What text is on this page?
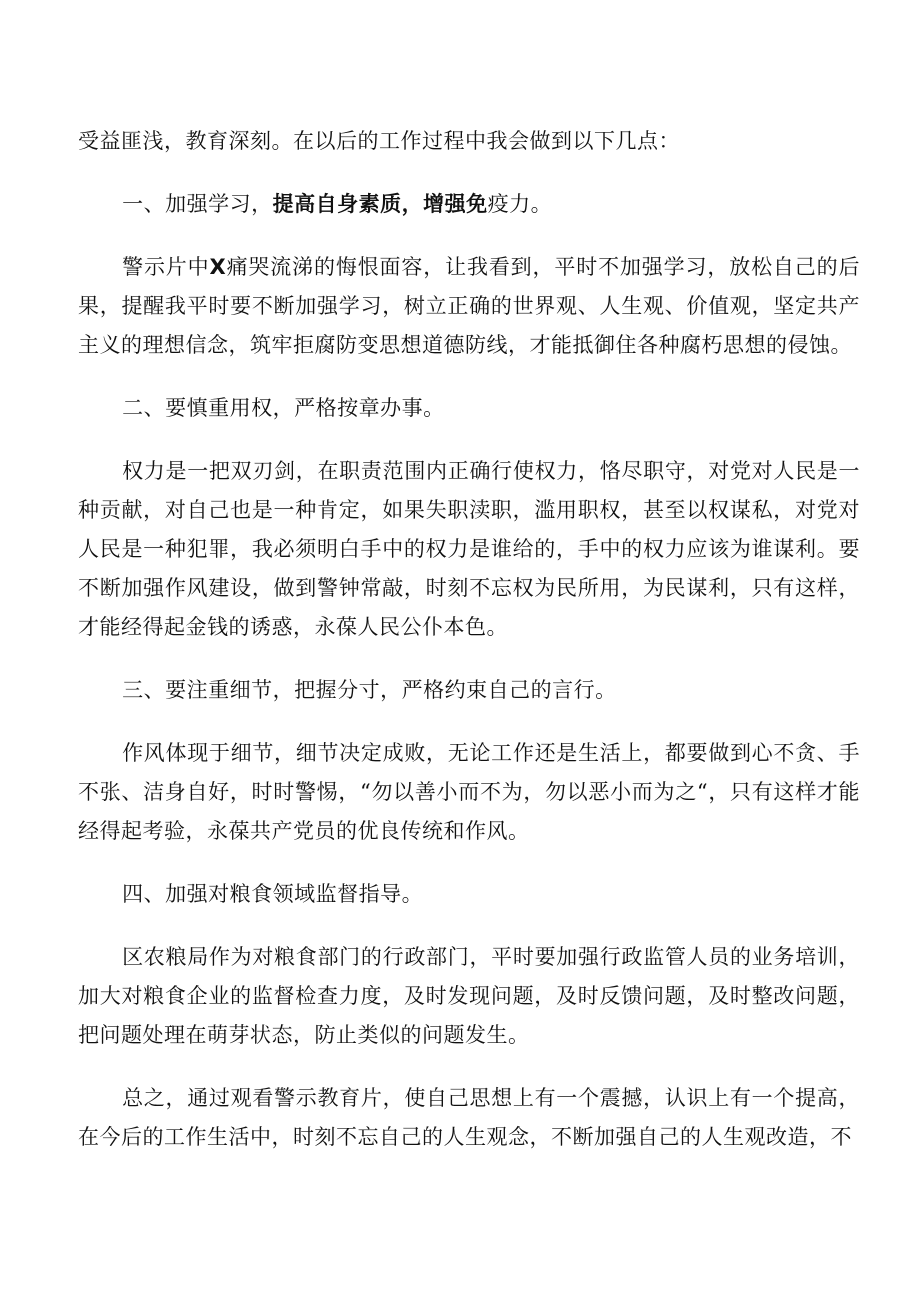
受益匪浅，教育深刻。在以后的工作过程中我会做到以下几点：

一、加强学习，提高自身素质，增强免疫力。

警示片中X痛哭流涕的悔恨面容，让我看到，平时不加强学习，放松自己的后果，提醒我平时要不断加强学习，树立正确的世界观、人生观、价值观，坚定共产主义的理想信念，筑牢拒腐防变思想道德防线，才能抵御住各种腐朽思想的侵蚀。

二、要慎重用权，严格按章办事。

权力是一把双刃剑，在职责范围内正确行使权力，恪尽职守，对党对人民是一种贡献，对自己也是一种肯定，如果失职渎职，滥用职权，甚至以权谋私，对党对人民是一种犯罪，我必须明白手中的权力是谁给的，手中的权力应该为谁谋利。要不断加强作风建设，做到警钟常敲，时刻不忘权为民所用，为民谋利，只有这样，才能经得起金钱的诱惑，永葆人民公仆本色。

三、要注重细节，把握分寸，严格约束自己的言行。

作风体现于细节，细节决定成败，无论工作还是生活上，都要做到心不贪、手不张、洁身自好，时时警惕，“勿以善小而不为，勿以恶小而为之“，只有这样才能经得起考验，永葆共产党员的优良传统和作风。

四、加强对粮食领域监督指导。

区农粮局作为对粮食部门的行政部门，平时要加强行政监管人员的业务培训，加大对粮食企业的监督检查力度，及时发现问题，及时反馈问题，及时整改问题，把问题处理在萌芽状态，防止类似的问题发生。

总之，通过观看警示教育片，使自己思想上有一个震撼，认识上有一个提高，在今后的工作生活中，时刻不忘自己的人生观念，不断加强自己的人生观改造，不
